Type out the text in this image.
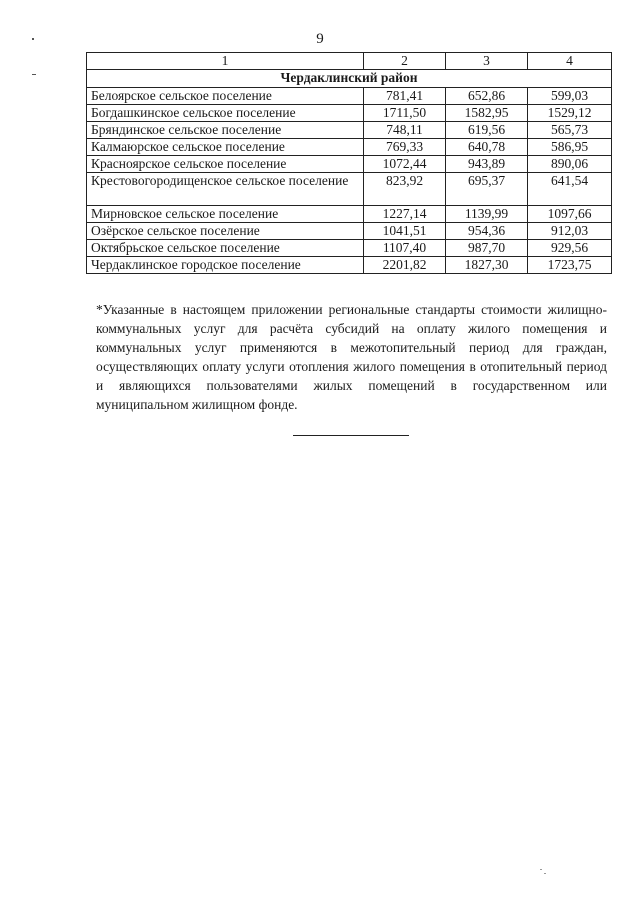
9
1	2	3	4
Чердаклинский район			
Белоярское сельское поселение	781,41	652,86	599,03
Богдашкинское сельское поселение	1711,50	1582,95	1529,12
Бряндинское сельское поселение	748,11	619,56	565,73
Калмаюрское сельское поселение	769,33	640,78	586,95
Красноярское сельское поселение	1072,44	943,89	890,06
Крестовогородищенское сельское поселение	823,92	695,37	641,54
Мирновское сельское поселение	1227,14	1139,99	1097,66
Озёрское сельское поселение	1041,51	954,36	912,03
Октябрьское сельское поселение	1107,40	987,70	929,56
Чердаклинское городское поселение	2201,82	1827,30	1723,75

*Указанные в настоящем приложении региональные стандарты стоимости жилищно-коммунальных услуг для расчёта субсидий на оплату жилого помещения и коммунальных услуг применяются в межотопительный период для граждан, осуществляющих оплату услуги отопления жилого помещения в отопительный период и являющихся пользователями жилых помещений в государственном или муниципальном жилищном фонде.
